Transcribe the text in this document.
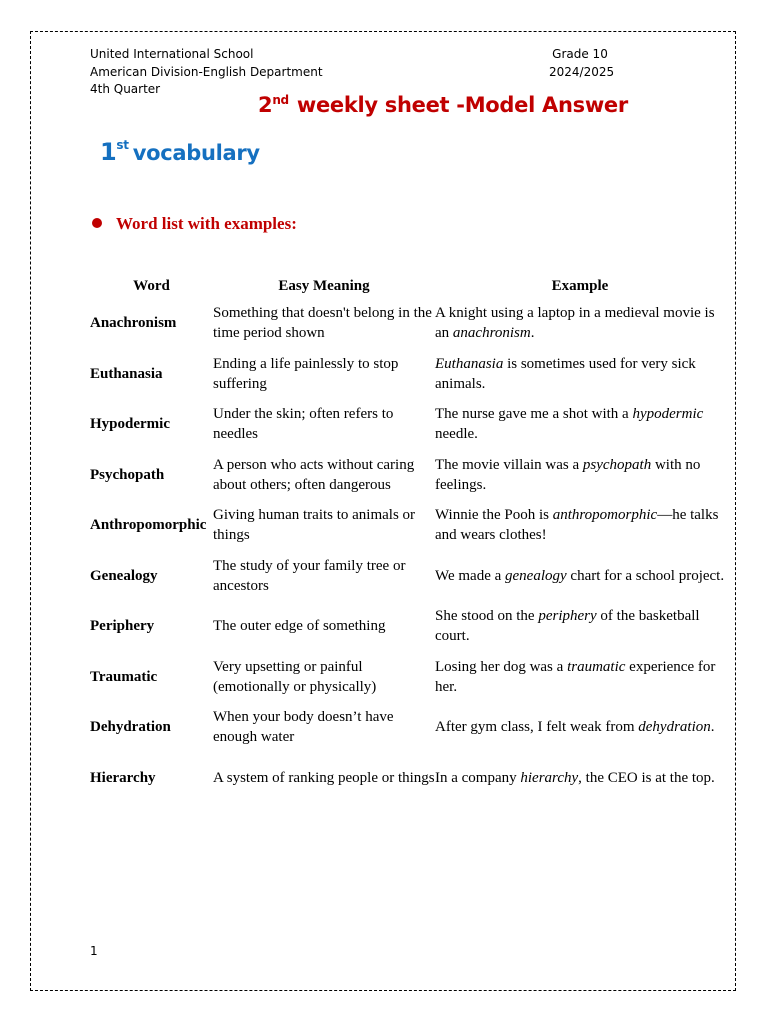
United International School
American Division-English Department
4th Quarter
Grade 10
2024/2025
2nd weekly sheet -Model Answer
1st vocabulary
Word list with examples:
Word	Easy Meaning	Example
Anachronism	Something that doesn't belong in the time period shown	A knight using a laptop in a medieval movie is an anachronism.
Euthanasia	Ending a life painlessly to stop suffering	Euthanasia is sometimes used for very sick animals.
Hypodermic	Under the skin; often refers to needles	The nurse gave me a shot with a hypodermic needle.
Psychopath	A person who acts without caring about others; often dangerous	The movie villain was a psychopath with no feelings.
Anthropomorphic	Giving human traits to animals or things	Winnie the Pooh is anthropomorphic—he talks and wears clothes!
Genealogy	The study of your family tree or ancestors	We made a genealogy chart for a school project.
Periphery	The outer edge of something	She stood on the periphery of the basketball court.
Traumatic	Very upsetting or painful (emotionally or physically)	Losing her dog was a traumatic experience for her.
Dehydration	When your body doesn’t have enough water	After gym class, I felt weak from dehydration.
Hierarchy	A system of ranking people or things	In a company hierarchy, the CEO is at the top.
1
